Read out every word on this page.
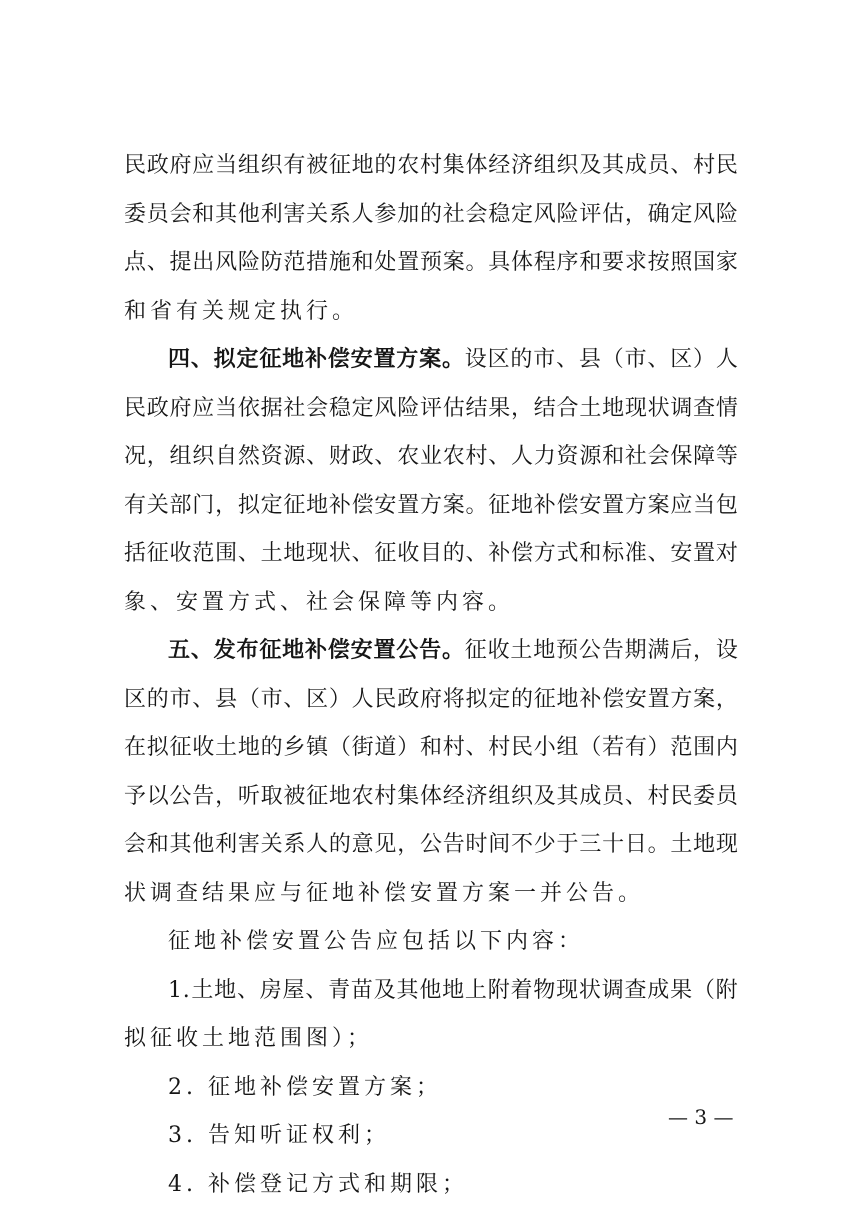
民 政 府 应 当 组 织 有 被 征 地 的 农 村 集 体 经 济 组 织 及 其 成 员 、 村 民
委 员 会 和 其 他 利 害 关 系 人 参 加 的 社 会 稳 定 风 险 评 估 ， 确 定 风 险
点 、 提 出 风 险 防 范 措 施 和 处 置 预 案 。 具 体 程 序 和 要 求 按 照 国 家
和省有关规定执行。
四 、 拟 定 征 地 补 偿 安 置 方 案 。 设 区 的 市 、 县 （ 市 、 区 ） 人
民 政 府 应 当 依 据 社 会 稳 定 风 险 评 估 结 果 ， 结 合 土 地 现 状 调 查 情
况 ， 组 织 自 然 资 源 、 财 政 、 农 业 农 村 、 人 力 资 源 和 社 会 保 障 等
有 关 部 门 ， 拟 定 征 地 补 偿 安 置 方 案 。 征 地 补 偿 安 置 方 案 应 当 包
括 征 收 范 围 、 土 地 现 状 、 征 收 目 的 、 补 偿 方 式 和 标 准 、 安 置 对
象、安置方式、社会保障等内容。
五 、 发 布 征 地 补 偿 安 置 公 告 。 征 收 土 地 预 公 告 期 满 后 ， 设
区 的 市 、 县 （ 市 、 区 ） 人 民 政 府 将 拟 定 的 征 地 补 偿 安 置 方 案 ，
在 拟 征 收 土 地 的 乡 镇 （ 街 道 ） 和 村 、 村 民 小 组 （ 若 有 ） 范 围 内
予 以 公 告 ， 听 取 被 征 地 农 村 集 体 经 济 组 织 及 其 成 员 、 村 民 委 员
会 和 其 他 利 害 关 系 人 的 意 见 ， 公 告 时 间 不 少 于 三 十 日 。 土 地 现
状调查结果应与征地补偿安置方案一并公告。
征地补偿安置公告应包括以下内容：
1 . 土 地 、 房 屋 、 青 苗 及 其 他 地 上 附 着 物 现 状 调 查 成 果 （ 附
拟征收土地范围图）；
2. 征地补偿安置方案；
3. 告知听证权利；
4. 补偿登记方式和期限；
— 3 —
